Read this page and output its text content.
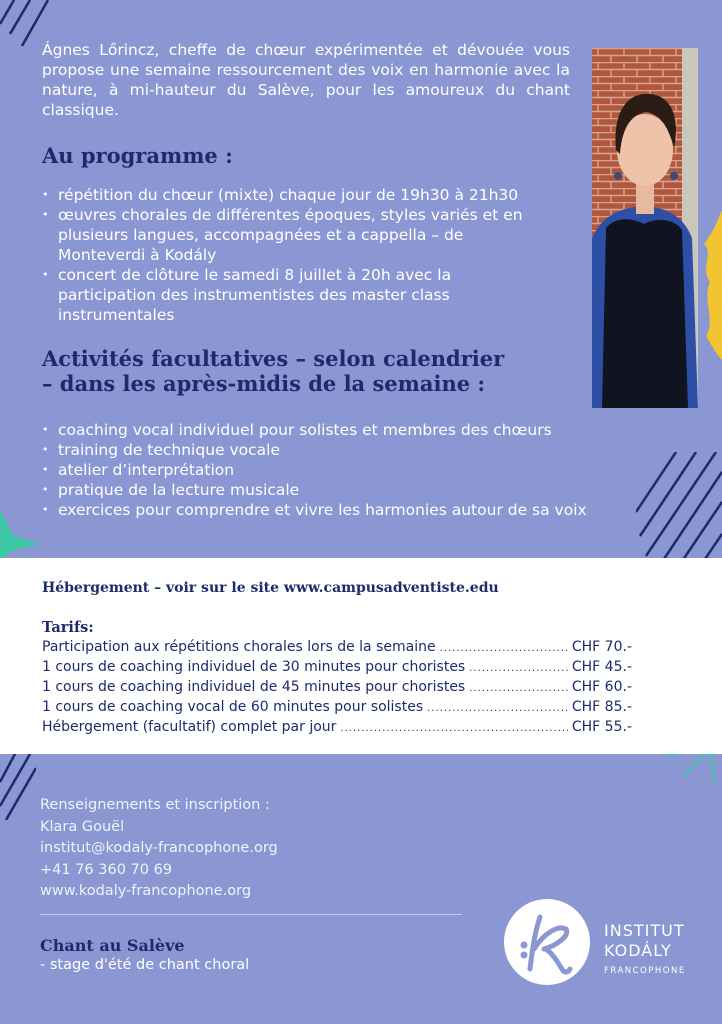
Ágnes Lőrincz, cheffe de chœur expérimentée et dévouée vous propose une semaine ressourcement des voix en harmonie avec la nature, à mi-hauteur du Salève, pour les amoureux du chant classique.

Au programme :
• répétition du chœur (mixte) chaque jour de 19h30 à 21h30
• œuvres chorales de différentes époques, styles variés et en plusieurs langues, accompagnées et a cappella – de Monteverdi à Kodály
• concert de clôture le samedi 8 juillet à 20h avec la participation des instrumentistes des master class instrumentales
Activités facultatives – selon calendrier
– dans les après-midis de la semaine :
• coaching vocal individuel pour solistes et membres des chœurs
• training de technique vocale
• atelier d’interprétation
• pratique de la lecture musicale
• exercices pour comprendre et vivre les harmonies autour de sa voix

Hébergement – voir sur le site www.campusadventiste.edu

Tarifs:

Participation aux répétitions chorales lors de la semaine .....	CHF 70.-
1 cours de coaching individuel de 30 minutes pour choristes .....	CHF 45.-
1 cours de coaching individuel de 45 minutes pour choristes .....	CHF 60.-
1 cours de coaching vocal de 60 minutes pour solistes .....	CHF 85.-
Hébergement (facultatif) complet par jour .....	CHF 55.-
Renseignements et inscription :
Klara Gouël
institut@kodaly-francophone.org
+41 76 360 70 69
www.kodaly-francophone.org

Chant au Salève

- stage d'été de chant choral

INSTITUT
KODÁLY
FRANCOPHONE
